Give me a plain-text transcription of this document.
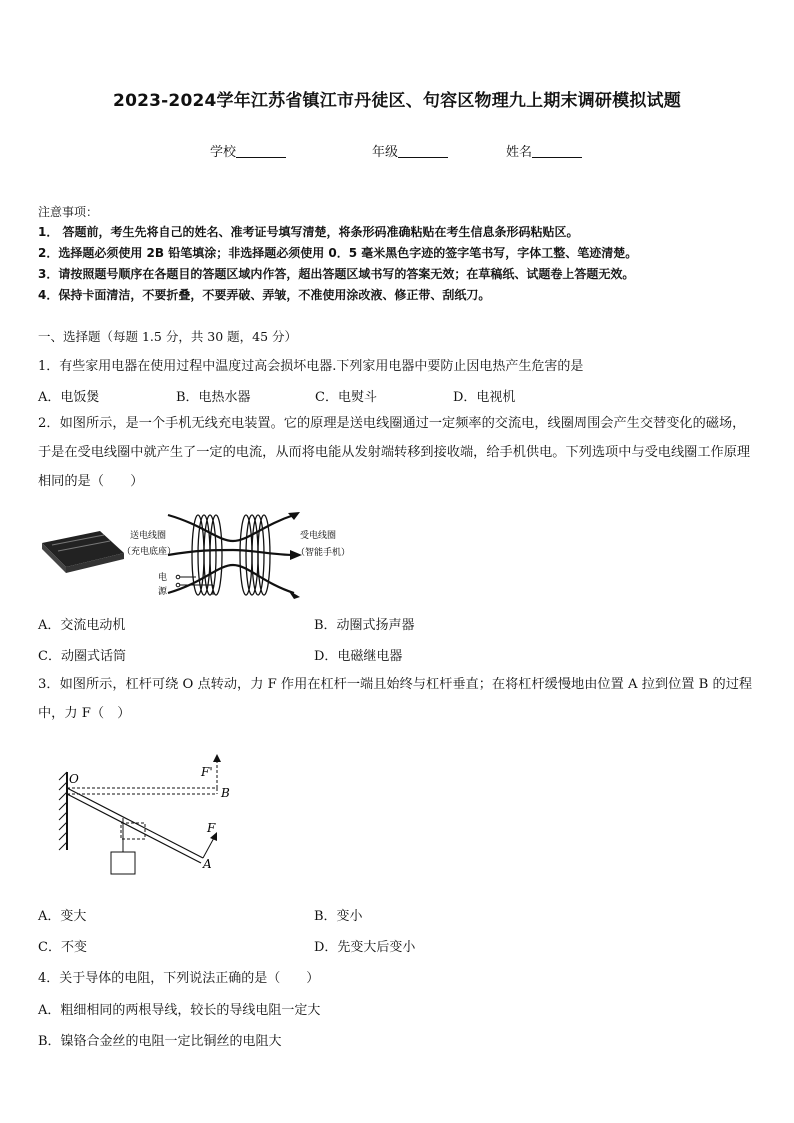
2023-2024学年江苏省镇江市丹徒区、句容区物理九上期末调研模拟试题
学校	年级	姓名
注意事项：
1． 答题前，考生先将自己的姓名、准考证号填写清楚，将条形码准确粘贴在考生信息条形码粘贴区。
2．选择题必须使用 2B 铅笔填涂；非选择题必须使用 0．5 毫米黑色字迹的签字笔书写，字体工整、笔迹清楚。
3．请按照题号顺序在各题目的答题区域内作答，超出答题区域书写的答案无效；在草稿纸、试题卷上答题无效。
4．保持卡面清洁，不要折叠，不要弄破、弄皱，不准使用涂改液、修正带、刮纸刀。
一、选择题（每题 1.5 分，共 30 题，45 分）
1．有些家用电器在使用过程中温度过高会损坏电器.下列家用电器中要防止因电热产生危害的是
A．电饭煲	B．电热水器	C．电熨斗	D．电视机
2．如图所示，是一个手机无线充电装置。它的原理是送电线圈通过一定频率的交流电，线圈周围会产生交替变化的磁场，于是在受电线圈中就产生了一定的电流，从而将电能从发射端转移到接收端，给手机供电。下列选项中与受电线圈工作原理相同的是（　　）
送电线圈
（充电底座）
受电线圈
（智能手机）
电
源
A．交流电动机	B．动圈式扬声器
C．动圈式话筒	D．电磁继电器
3．如图所示，杠杆可绕 O 点转动，力 F 作用在杠杆一端且始终与杠杆垂直；在将杠杆缓慢地由位置 A 拉到位置 B 的过程中，力 F（　）
O
B
A
F
F'
A．变大	B．变小
C．不变	D．先变大后变小
4．关于导体的电阻，下列说法正确的是（　　）
A．粗细相同的两根导线，较长的导线电阻一定大
B．镍铬合金丝的电阻一定比铜丝的电阻大
